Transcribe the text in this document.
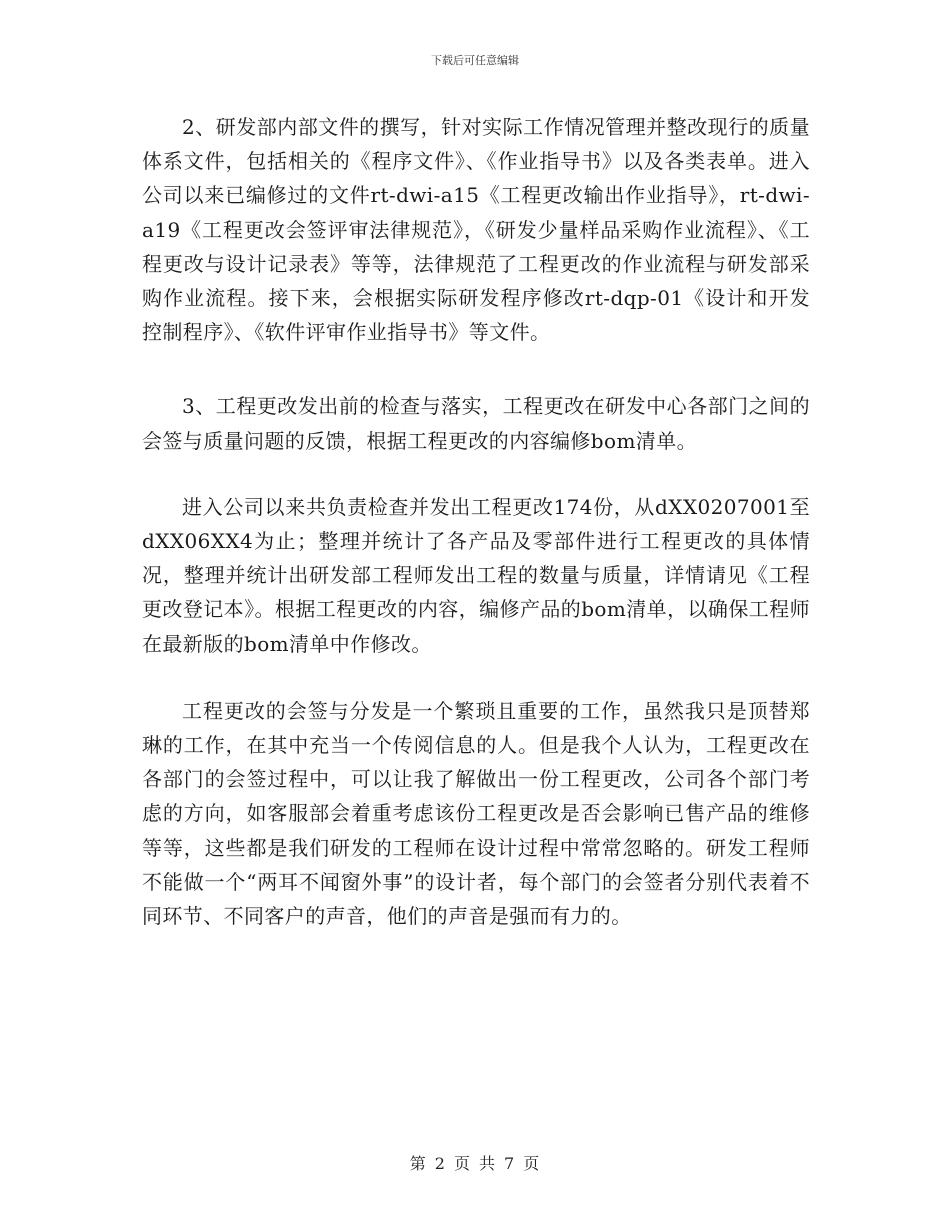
下载后可任意编辑

2、研发部内部文件的撰写，针对实际工作情况管理并整改现行的质量体系文件，包括相关的《程序文件》、《作业指导书》以及各类表单。进入公司以来已编修过的文件rt-dwi-a15《工程更改输出作业指导》，rt-dwi-a19《工程更改会签评审法律规范》，《研发少量样品采购作业流程》、《工程更改与设计记录表》等等，法律规范了工程更改的作业流程与研发部采购作业流程。接下来，会根据实际研发程序修改rt-dqp-01《设计和开发控制程序》、《软件评审作业指导书》等文件。

3、工程更改发出前的检查与落实，工程更改在研发中心各部门之间的会签与质量问题的反馈，根据工程更改的内容编修bom清单。

进入公司以来共负责检查并发出工程更改174份，从dXX0207001至dXX06XX4为止；整理并统计了各产品及零部件进行工程更改的具体情况，整理并统计出研发部工程师发出工程的数量与质量，详情请见《工程更改登记本》。根据工程更改的内容，编修产品的bom清单，以确保工程师在最新版的bom清单中作修改。

工程更改的会签与分发是一个繁琐且重要的工作，虽然我只是顶替郑琳的工作，在其中充当一个传阅信息的人。但是我个人认为，工程更改在各部门的会签过程中，可以让我了解做出一份工程更改，公司各个部门考虑的方向，如客服部会着重考虑该份工程更改是否会影响已售产品的维修等等，这些都是我们研发的工程师在设计过程中常常忽略的。研发工程师不能做一个“两耳不闻窗外事”的设计者，每个部门的会签者分别代表着不同环节、不同客户的声音，他们的声音是强而有力的。

第 2 页 共 7 页
